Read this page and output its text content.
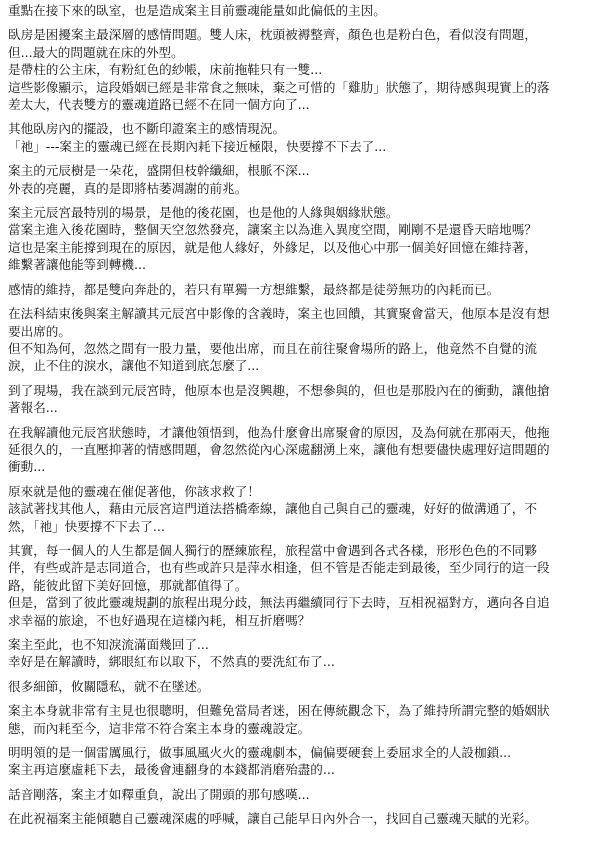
重點在接下來的臥室，也是造成案主目前靈魂能量如此偏低的主因。
臥房是困擾案主最深層的感情問題。雙人床，枕頭被褥整齊，顏色也是粉白色，看似沒有問題，
但...最大的問題就在床的外型。
是帶柱的公主床，有粉紅色的紗帳，床前拖鞋只有一雙...
這些影像顯示，這段婚姻已經是非常食之無味，棄之可惜的「雞肋」狀態了，期待感與現實上的落
差太大，代表雙方的靈魂道路已經不在同一個方向了...
其他臥房內的擺設，也不斷印證案主的感情現況。
「祂」---案主的靈魂已經在長期內耗下接近極限，快要撐不下去了...
案主的元辰樹是一朵花，盛開但枝幹纖細，根脈不深...
外表的亮麗，真的是即將枯萎凋謝的前兆。
案主元辰宮最特別的場景，是他的後花園，也是他的人緣與姻緣狀態。
當案主進入後花園時，整個天空忽然發亮，讓案主以為進入異度空間，剛剛不是還昏天暗地嗎？
這也是案主能撐到現在的原因，就是他人緣好，外緣足，以及他心中那一個美好回憶在維持著，
維繫著讓他能等到轉機...
感情的維持，都是雙向奔赴的，若只有單獨一方想維繫，最終都是徒勞無功的內耗而已。
在法科結束後與案主解讀其元辰宮中影像的含義時，案主也回饋，其實聚會當天，他原本是沒有想
要出席的。
但不知為何，忽然之間有一股力量，要他出席，而且在前往聚會場所的路上，他竟然不自覺的流
淚，止不住的淚水，讓他不知道到底怎麼了...
到了現場，我在談到元辰宮時，他原本也是沒興趣，不想參與的，但也是那股內在的衝動，讓他搶
著報名...
在我解讀他元辰宮狀態時，才讓他領悟到，他為什麼會出席聚會的原因，及為何就在那兩天，他拖
延很久的，一直壓抑著的情感問題，會忽然從內心深處翻湧上來，讓他有想要儘快處理好這問題的
衝動...
原來就是他的靈魂在催促著他，你該求救了！
該試著找其他人，藉由元辰宮這門道法搭橋牽線，讓他自己與自己的靈魂，好好的做溝通了，不
然，「祂」快要撐不下去了...
其實，每一個人的人生都是個人獨行的歷練旅程，旅程當中會遇到各式各樣，形形色色的不同夥
伴，有些或許是志同道合，也有些或許只是萍水相逢，但不管是否能走到最後，至少同行的這一段
路，能彼此留下美好回憶，那就都值得了。
但是，當到了彼此靈魂規劃的旅程出現分歧，無法再繼續同行下去時，互相祝福對方，邁向各自追
求幸福的旅途，不也好過現在這樣內耗，相互折磨嗎？
案主至此，也不知淚流滿面幾回了...
幸好是在解讀時，綁眼紅布以取下，不然真的要洗紅布了...
很多細節，攸關隱私，就不在墜述。
案主本身就非常有主見也很聰明，但難免當局者迷，困在傳統觀念下，為了維持所謂完整的婚姻狀
態，而內耗至今，這非常不符合案主本身的靈魂設定。
明明領的是一個雷厲風行，做事風風火火的靈魂劇本，偏偏要硬套上委屈求全的人設枷鎖...
案主再這麼虛耗下去，最後會連翻身的本錢都消磨殆盡的...
話音剛落，案主才如釋重負，說出了開頭的那句感嘆...
在此祝福案主能傾聽自己靈魂深處的呼喊，讓自己能早日內外合一，找回自己靈魂天賦的光彩。
